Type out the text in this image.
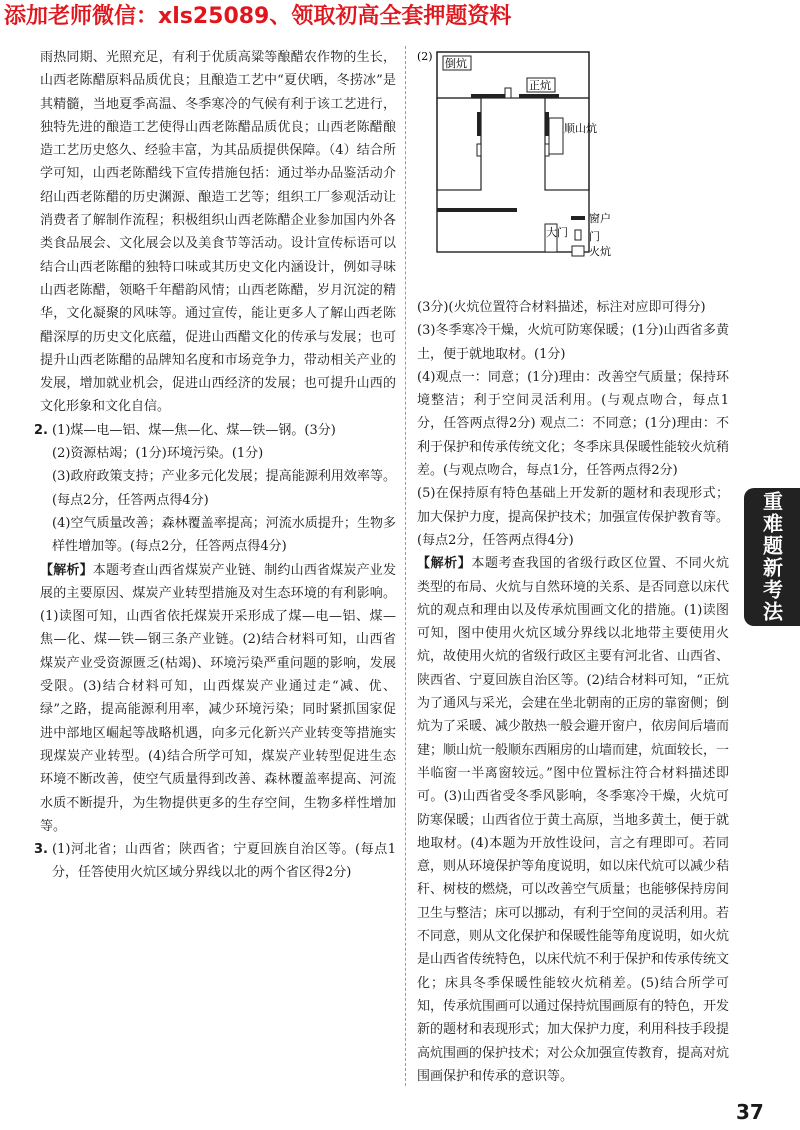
添加老师微信：xls25089、领取初高全套押题资料

雨热同期、光照充足，有利于优质高粱等酿醋农作物的生长，山西老陈醋原料品质优良；且酿造工艺中“夏伏晒，冬捞冰”是其精髓，当地夏季高温、冬季寒冷的气候有利于该工艺进行，独特先进的酿造工艺使得山西老陈醋品质优良；山西老陈醋酿造工艺历史悠久、经验丰富，为其品质提供保障。（4）结合所学可知，山西老陈醋线下宣传措施包括：通过举办品鉴活动介绍山西老陈醋的历史渊源、酿造工艺等；组织工厂参观活动让消费者了解制作流程；积极组织山西老陈醋企业参加国内外各类食品展会、文化展会以及美食节等活动。设计宣传标语可以结合山西老陈醋的独特口味或其历史文化内涵设计，例如寻味山西老陈醋，领略千年醋韵风情；山西老陈醋，岁月沉淀的精华，文化凝聚的风味等。通过宣传，能让更多人了解山西老陈醋深厚的历史文化底蕴，促进山西醋文化的传承与发展；也可提升山西老陈醋的品牌知名度和市场竞争力，带动相关产业的发展，增加就业机会，促进山西经济的发展；也可提升山西的文化形象和文化自信。

2. (1)煤—电—铝、煤—焦—化、煤—铁—钢。(3分)

(2)资源枯竭；(1分)环境污染。(1分)

(3)政府政策支持；产业多元化发展；提高能源利用效率等。(每点2分，任答两点得4分)

(4)空气质量改善；森林覆盖率提高；河流水质提升；生物多样性增加等。(每点2分，任答两点得4分)

【解析】本题考查山西省煤炭产业链、制约山西省煤炭产业发展的主要原因、煤炭产业转型措施及对生态环境的有利影响。(1)读图可知，山西省依托煤炭开采形成了煤—电—铝、煤—焦—化、煤—铁—钢三条产业链。(2)结合材料可知，山西省煤炭产业受资源匮乏(枯竭)、环境污染严重问题的影响，发展受限。(3)结合材料可知，山西煤炭产业通过走“减、优、绿”之路，提高能源利用率，减少环境污染；同时紧抓国家促进中部地区崛起等战略机遇，向多元化新兴产业转变等措施实现煤炭产业转型。(4)结合所学可知，煤炭产业转型促进生态环境不断改善，使空气质量得到改善、森林覆盖率提高、河流水质不断提升，为生物提供更多的生存空间，生物多样性增加等。

3. (1)河北省；山西省；陕西省；宁夏回族自治区等。(每点1分，任答使用火炕区域分界线以北的两个省区得2分)

(2)
倒炕
正炕
顺山炕
大门
窗户
门
火炕

(3分)(火炕位置符合材料描述，标注对应即可得分)

(3)冬季寒冷干燥，火炕可防寒保暖；(1分)山西省多黄土，便于就地取材。(1分)

(4)观点一：同意；(1分)理由：改善空气质量；保持环境整洁；利于空间灵活利用。(与观点吻合，每点1分，任答两点得2分) 观点二：不同意；(1分)理由：不利于保护和传承传统文化；冬季床具保暖性能较火炕稍差。(与观点吻合，每点1分，任答两点得2分)

(5)在保持原有特色基础上开发新的题材和表现形式；加大保护力度，提高保护技术；加强宣传保护教育等。(每点2分，任答两点得4分)

【解析】本题考查我国的省级行政区位置、不同火炕类型的布局、火炕与自然环境的关系、是否同意以床代炕的观点和理由以及传承炕围画文化的措施。(1)读图可知，图中使用火炕区域分界线以北地带主要使用火炕，故使用火炕的省级行政区主要有河北省、山西省、陕西省、宁夏回族自治区等。(2)结合材料可知，“正炕为了通风与采光，会建在坐北朝南的正房的靠窗侧；倒炕为了采暖、减少散热一般会避开窗户，依房间后墙而建；顺山炕一般顺东西厢房的山墙而建，炕面较长，一半临窗一半离窗较远。”图中位置标注符合材料描述即可。(3)山西省受冬季风影响，冬季寒冷干燥，火炕可防寒保暖；山西省位于黄土高原，当地多黄土，便于就地取材。(4)本题为开放性设问，言之有理即可。若同意，则从环境保护等角度说明，如以床代炕可以减少秸秆、树枝的燃烧，可以改善空气质量；也能够保持房间卫生与整洁；床可以挪动，有利于空间的灵活利用。若不同意，则从文化保护和保暖性能等角度说明，如火炕是山西省传统特色，以床代炕不利于保护和传承传统文化；床具冬季保暖性能较火炕稍差。(5)结合所学可知，传承炕围画可以通过保持炕围画原有的特色，开发新的题材和表现形式；加大保护力度，利用科技手段提高炕围画的保护技术；对公众加强宣传教育，提高对炕围画保护和传承的意识等。

重难题新考法
37
